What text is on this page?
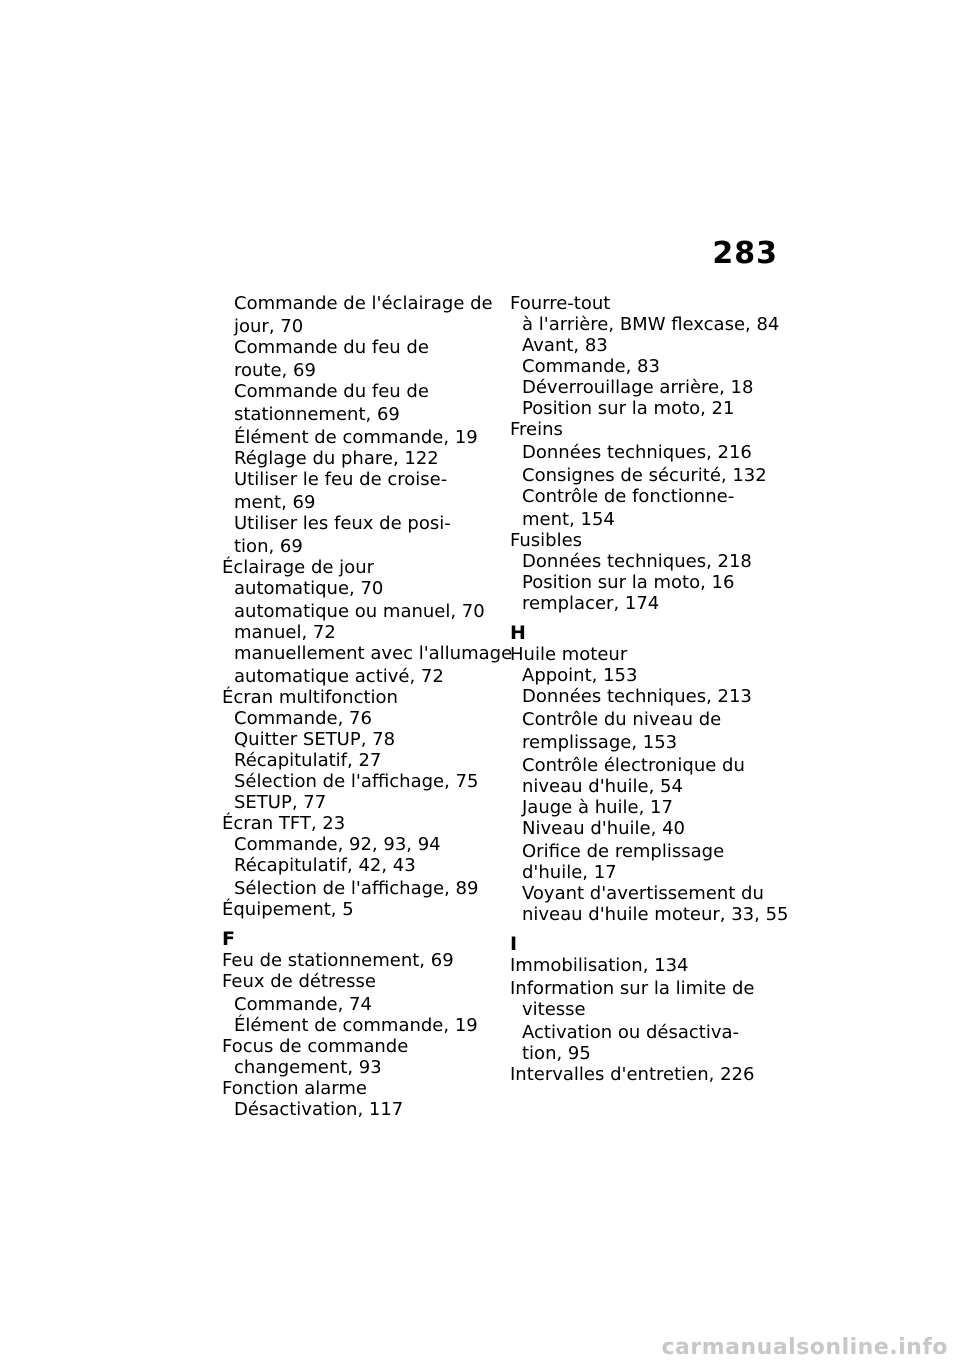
283
Commande de l'éclairage de
jour, 70
Commande du feu de
route, 69
Commande du feu de
stationnement, 69
Élément de commande, 19
Réglage du phare, 122
Utiliser le feu de croise-
ment, 69
Utiliser les feux de posi-
tion, 69
Éclairage de jour
automatique, 70
automatique ou manuel, 70
manuel, 72
manuellement avec l'allumage
automatique activé, 72
Écran multifonction
Commande, 76
Quitter SETUP, 78
Récapitulatif, 27
Sélection de l'affichage, 75
SETUP, 77
Écran TFT, 23
Commande, 92, 93, 94
Récapitulatif, 42, 43
Sélection de l'affichage, 89
Équipement, 5
F
Feu de stationnement, 69
Feux de détresse
Commande, 74
Élément de commande, 19
Focus de commande
changement, 93
Fonction alarme
Désactivation, 117
Fourre-tout
à l'arrière, BMW flexcase, 84
Avant, 83
Commande, 83
Déverrouillage arrière, 18
Position sur la moto, 21
Freins
Données techniques, 216
Consignes de sécurité, 132
Contrôle de fonctionne-
ment, 154
Fusibles
Données techniques, 218
Position sur la moto, 16
remplacer, 174
H
Huile moteur
Appoint, 153
Données techniques, 213
Contrôle du niveau de
remplissage, 153
Contrôle électronique du
niveau d'huile, 54
Jauge à huile, 17
Niveau d'huile, 40
Orifice de remplissage
d'huile, 17
Voyant d'avertissement du
niveau d'huile moteur, 33, 55
I
Immobilisation, 134
Information sur la limite de
vitesse
Activation ou désactiva-
tion, 95
Intervalles d'entretien, 226
carmanualsonline.info
